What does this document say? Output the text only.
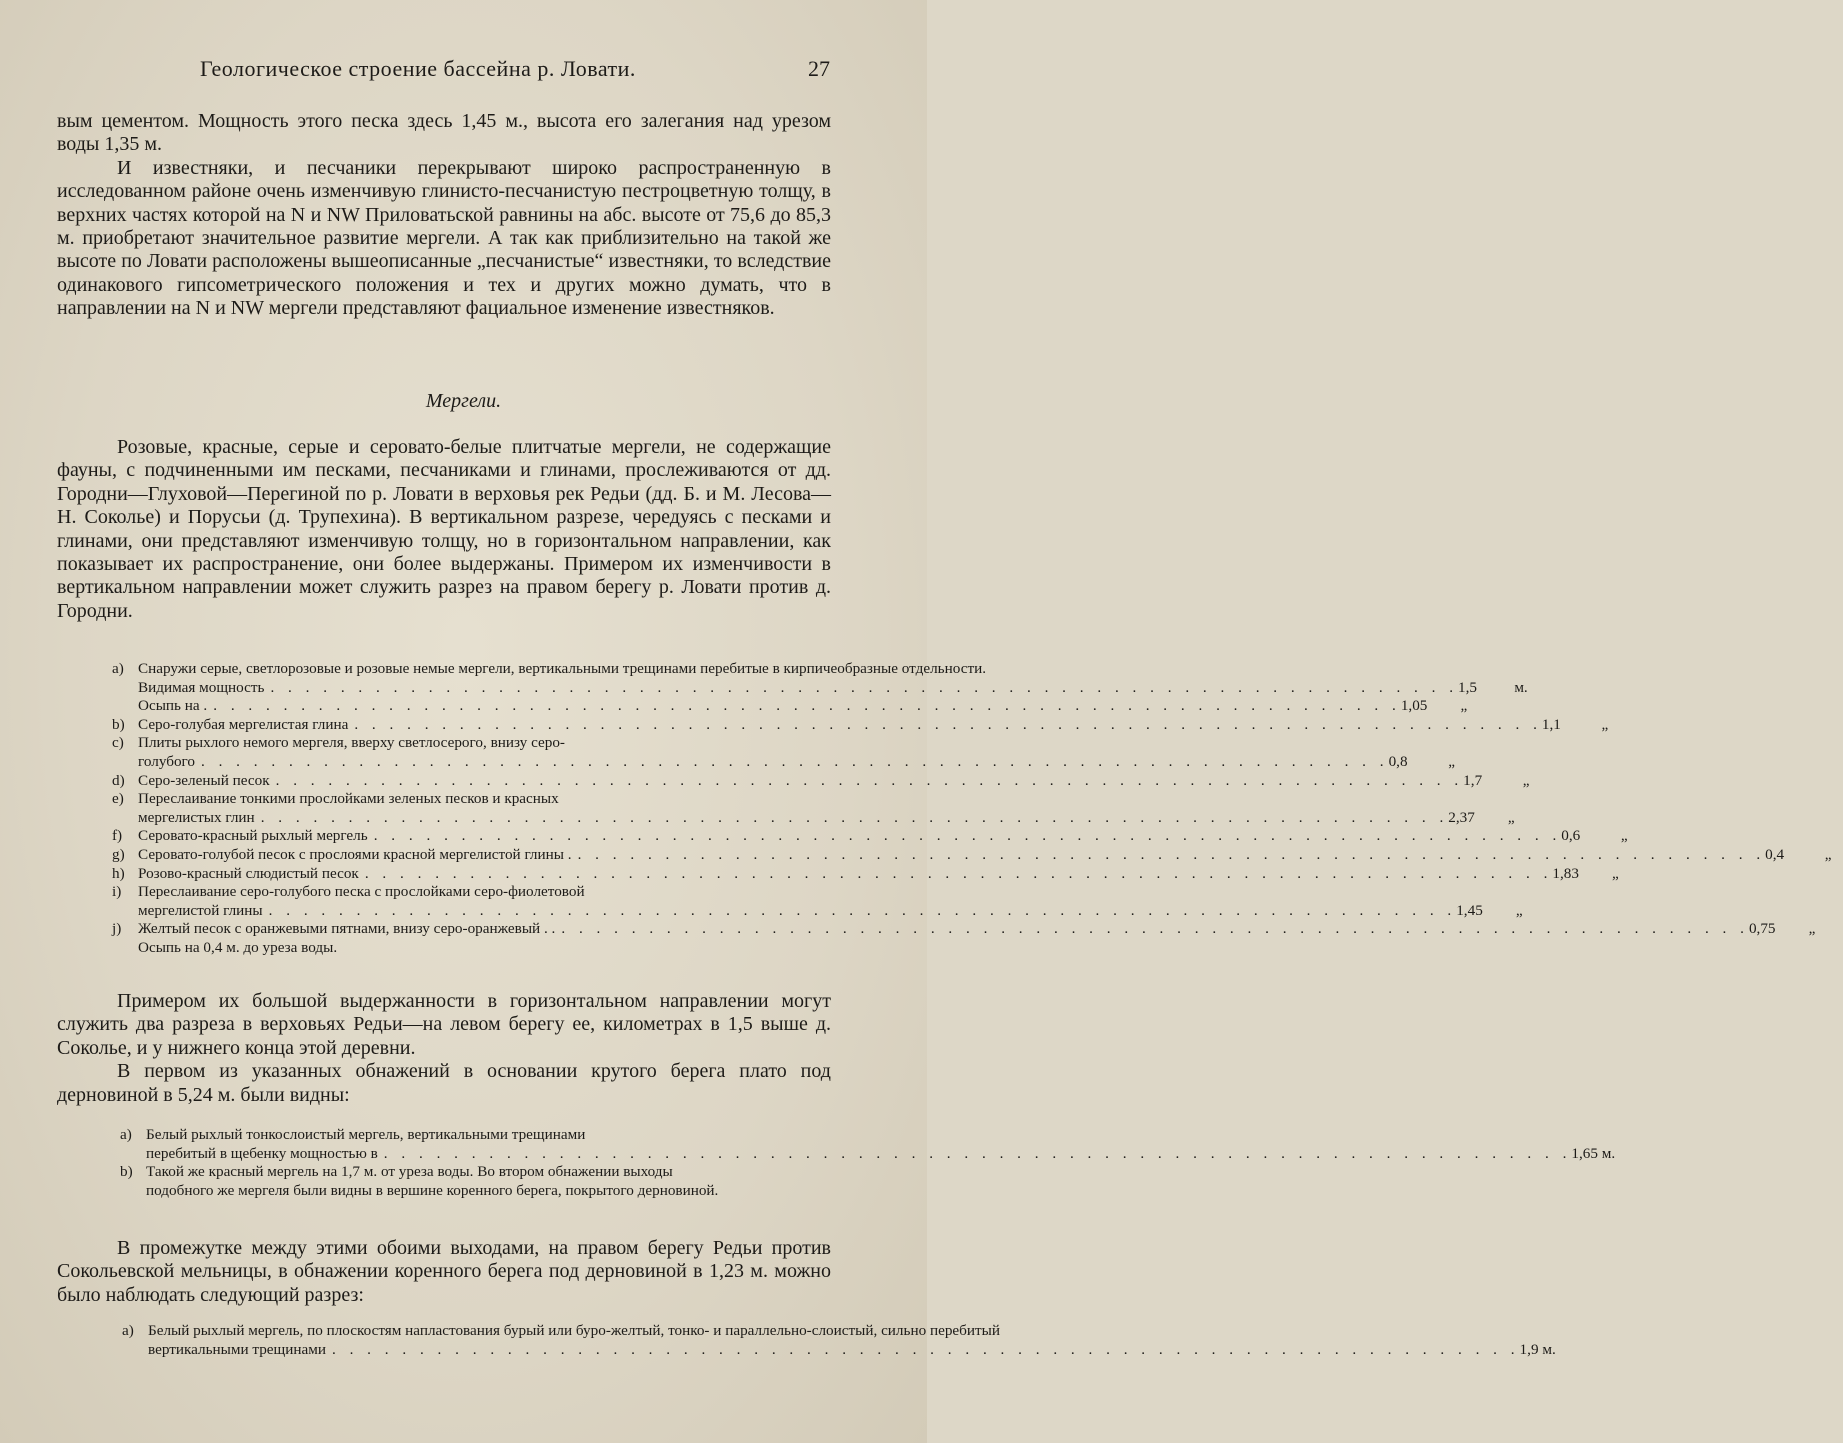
Геологическое строение бассейна р. Ловати.	27

вым цементом. Мощность этого песка здесь 1,45 м., высота его залегания над урезом воды 1,35 м.

И известняки, и песчаники перекрывают широко распространенную в исследованном районе очень изменчивую глинисто-песчанистую пестроцветную толщу, в верхних частях которой на N и NW Приловатьской равнины на абс. высоте от 75,6 до 85,3 м. приобретают значительное развитие мергели. А так как приблизительно на такой же высоте по Ловати расположены вышеописанные „песчанистые“ известняки, то вследствие одинакового гипсометрического положения и тех и других можно думать, что в направлении на N и NW мергели представляют фациальное изменение известняков.

Мергели.

Розовые, красные, серые и серовато-белые плитчатые мергели, не содержащие фауны, с подчиненными им песками, песчаниками и глинами, прослеживаются от дд. Городни—Глуховой—Перегиной по р. Ловати в верховья рек Редьи (дд. Б. и М. Лесова—Н. Соколье) и Порусьи (д. Трупехина). В вертикальном разрезе, чередуясь с песками и глинами, они представляют изменчивую толщу, но в горизонтальном направлении, как показывает их распространение, они более выдержаны. Примером их изменчивости в вертикальном направлении может служить разрез на правом берегу р. Ловати против д. Городни.

a) Снаружи серые, светлорозовые и розовые немые мергели, вертикальными трещинами перебитые в кирпичеобразные отдельности.
Видимая мощность . . .	1,5	м.
Осыпь на . . . .	1,05	„
b) Серо-голубая мергелистая глина . . .	1,1	„
c) Плиты рыхлого немого мергеля, вверху светлосерого, внизу серо-
голубого . . .	0,8	„
d) Серо-зеленый песок . . .	1,7	„
e) Переслаивание тонкими прослойками зеленых песков и красных
мергелистых глин . . .	2,37	„
f)	Серовато-красный рыхлый мергель . . .	0,6	„
g) Серовато-голубой песок с прослоями красной мергелистой глины . . . .	0,4	„
h) Розово-красный слюдистый песок . . .	1,83	„
i)	Переслаивание серо-голубого песка с прослойками серо-фиолетовой
мергелистой глины . . .	1,45	„
j)	Желтый песок с оранжевыми пятнами, внизу серо-оранжевый . . . . .	0,75	„
Осыпь на 0,4 м. до уреза воды.

Примером их большой выдержанности в горизонтальном направлении могут служить два разреза в верховьях Редьи—на левом берегу ее, километрах в 1,5 выше д. Соколье, и у нижнего конца этой деревни.

В первом из указанных обнажений в основании крутого берега плато под дерновиной в 5,24 м. были видны:

a) Белый рыхлый тонкослоистый мергель, вертикальными трещинами
перебитый в щебенку мощностью в . . .	1,65 м.
b) Такой же красный мергель на 1,7 м. от уреза воды. Во втором обнажении выходы подобного же мергеля были видны в вершине коренного берега, покрытого дерновиной.

В промежутке между этими обоими выходами, на правом берегу Редьи против Сокольевской мельницы, в обнажении коренного берега под дерновиной в 1,23 м. можно было наблюдать следующий разрез:

a) Белый рыхлый мергель, по плоскостям напластования бурый или буро-желтый, тонко- и параллельно-слоистый, сильно перебитый
вертикальными трещинами . . .	1,9 м.
